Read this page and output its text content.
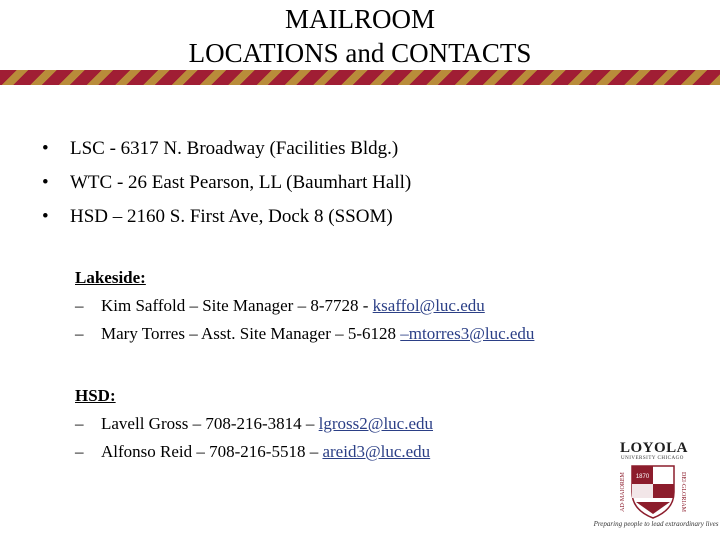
MAILROOM
LOCATIONS and CONTACTS
• LSC - 6317 N. Broadway (Facilities Bldg.)
• WTC - 26 East Pearson, LL (Baumhart Hall)
• HSD – 2160 S. First Ave, Dock 8 (SSOM)
Lakeside:
– Kim Saffold – Site Manager – 8-7728 - ksaffol@luc.edu
– Mary Torres – Asst. Site Manager – 5-6128 –mtorres3@luc.edu
HSD:
– Lavell Gross – 708-216-3814 – lgross2@luc.edu
– Alfonso Reid – 708-216-5518 – areid3@luc.edu	LOYOLA
UNIVERSITY CHICAGO
AD·MAIOREM	DEI·GLORIAM
1870
Preparing people to lead extraordinary lives
